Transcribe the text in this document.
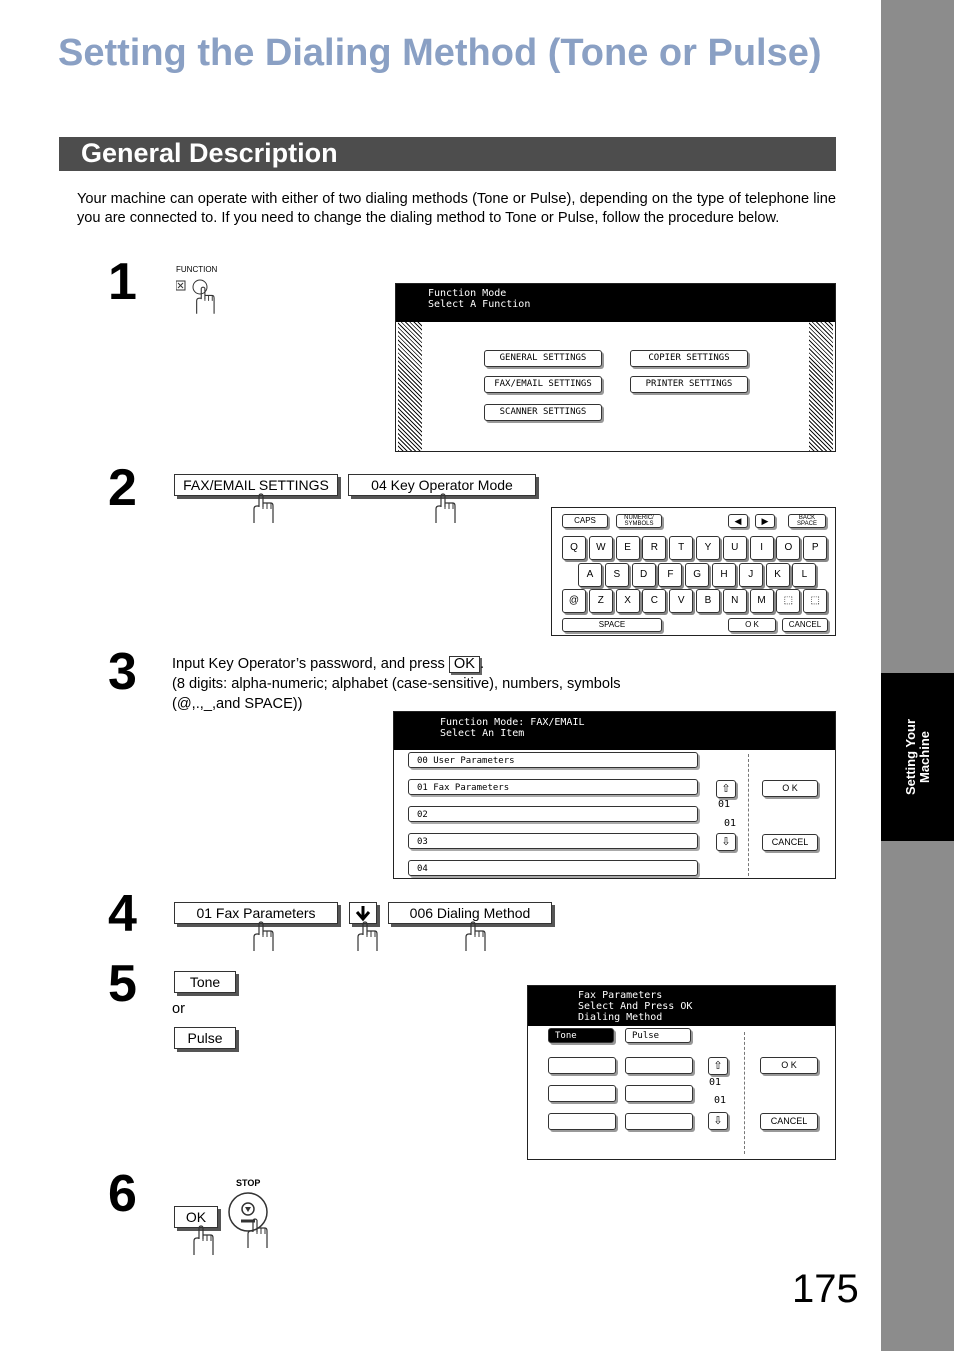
Setting Your Machine
Setting the Dialing Method (Tone or Pulse)
General Description
Your machine can operate with either of two dialing methods (Tone or Pulse), depending on the type of telephone line you are connected to. If you need to change the dialing method to Tone or Pulse, follow the procedure below.
1	FUNCTION
Function Mode
Select A Function
GENERAL SETTINGS	COPIER SETTINGS
FAX/EMAIL SETTINGS	PRINTER SETTINGS
SCANNER SETTINGS
2	FAX/EMAIL SETTINGS	04 Key Operator Mode
CAPS	NUMERIC/ SYMBOLS	◀	▶	BACK SPACE
Q	W	E	R	T	Y	U	I	O	P
A	S	D	F	G	H	J	K	L
@	Z	X	C	V	B	N	M	⬚	⬚
SPACE	O K	CANCEL
3 Input Key Operator’s password, and press OK .
(8 digits: alpha-numeric; alphabet (case-sensitive), numbers, symbols
(@,.,_,and SPACE))
Function Mode: FAX/EMAIL
Select An Item
00 User Parameters
01 Fax Parameters
02
03
04
⇧
01
01
⇩
O K
CANCEL
4	01 Fax Parameters	006 Dialing Method
5	Tone
or
Pulse
Fax Parameters
Select And Press OK
Dialing Method
Tone	Pulse
⇧
01
01
⇩
O K
CANCEL
6	OK
STOP
175
